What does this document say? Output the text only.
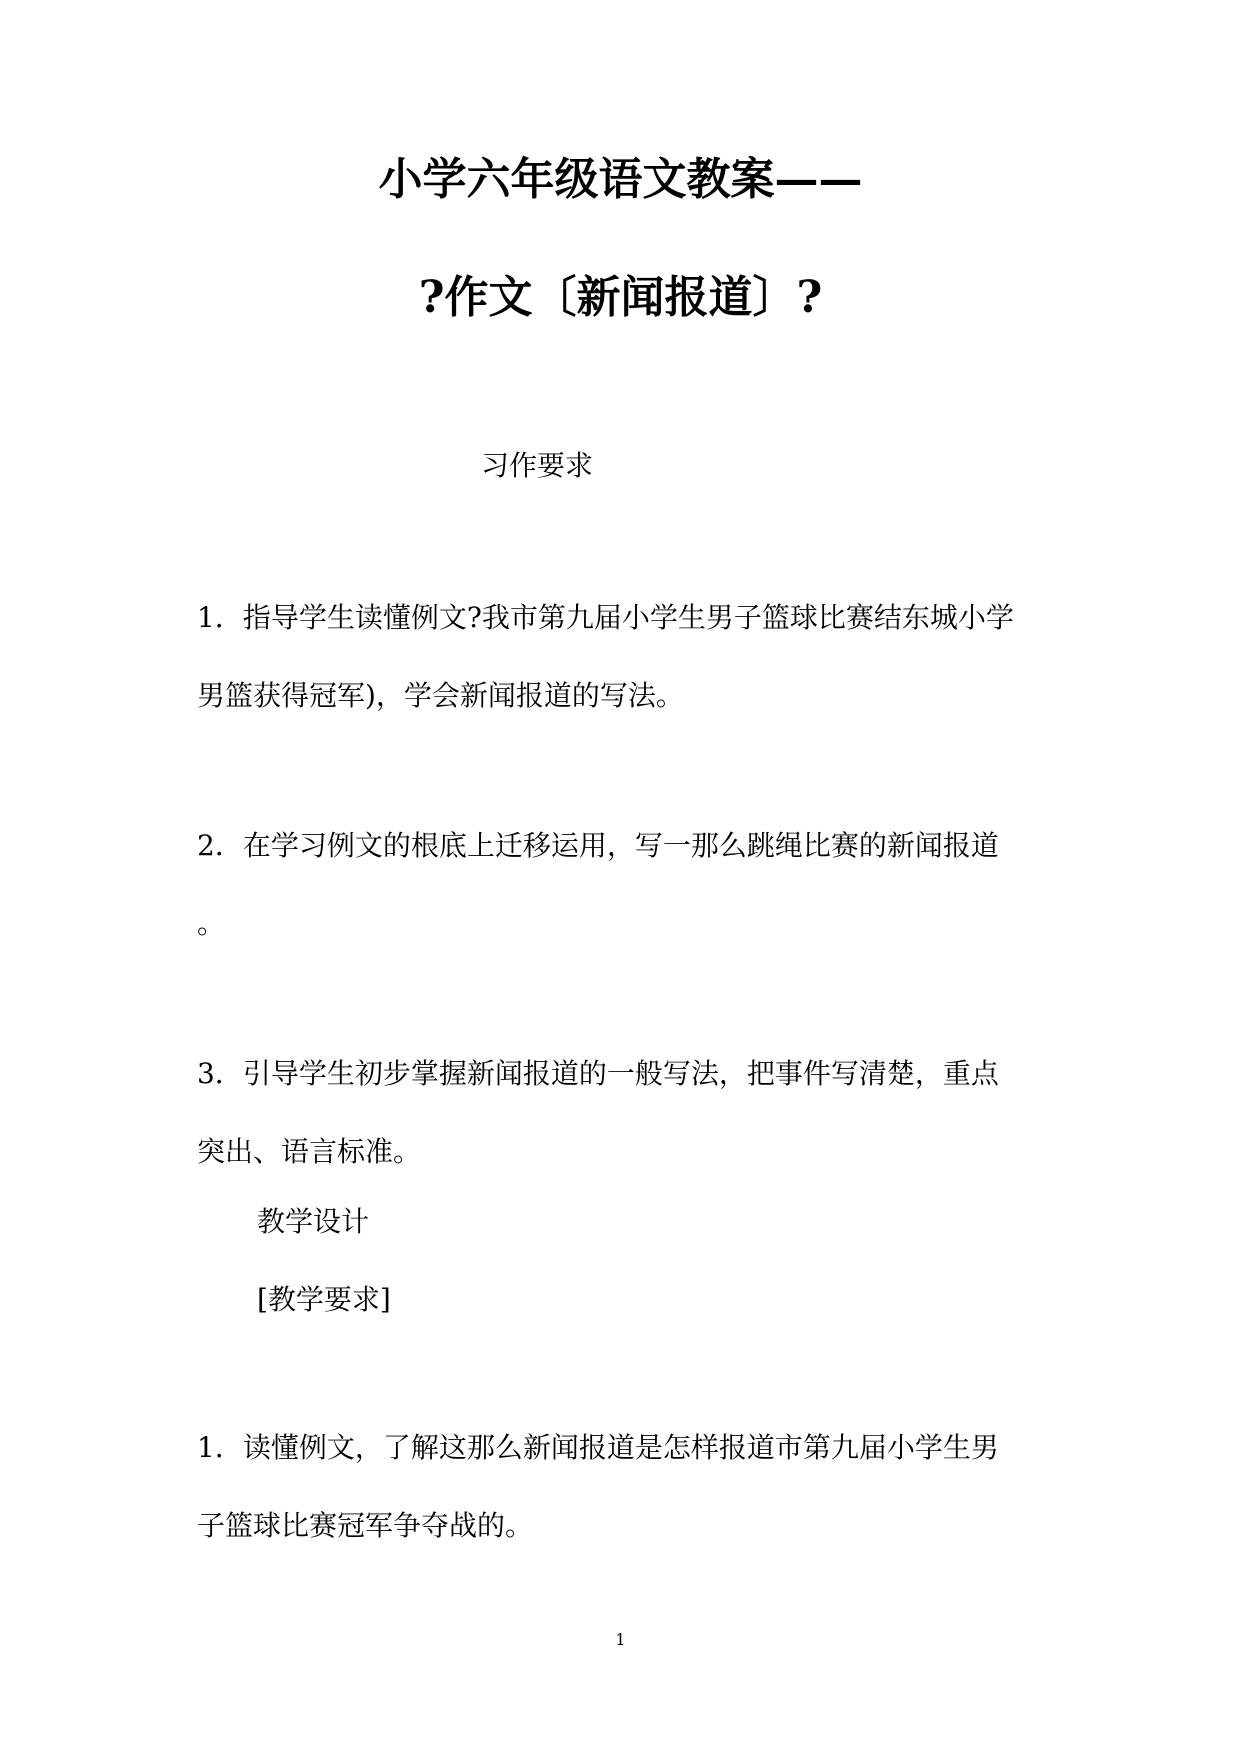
小学六年级语文教案——
?作文〔新闻报道〕?
习作要求
1．指导学生读懂例文?我市第九届小学生男子篮球比赛结东城小学
男篮获得冠军)，学会新闻报道的写法。
2．在学习例文的根底上迁移运用，写一那么跳绳比赛的新闻报道
。
3．引导学生初步掌握新闻报道的一般写法，把事件写清楚，重点
突出、语言标准。
教学设计
[教学要求]
1．读懂例文，了解这那么新闻报道是怎样报道市第九届小学生男
子篮球比赛冠军争夺战的。
1
